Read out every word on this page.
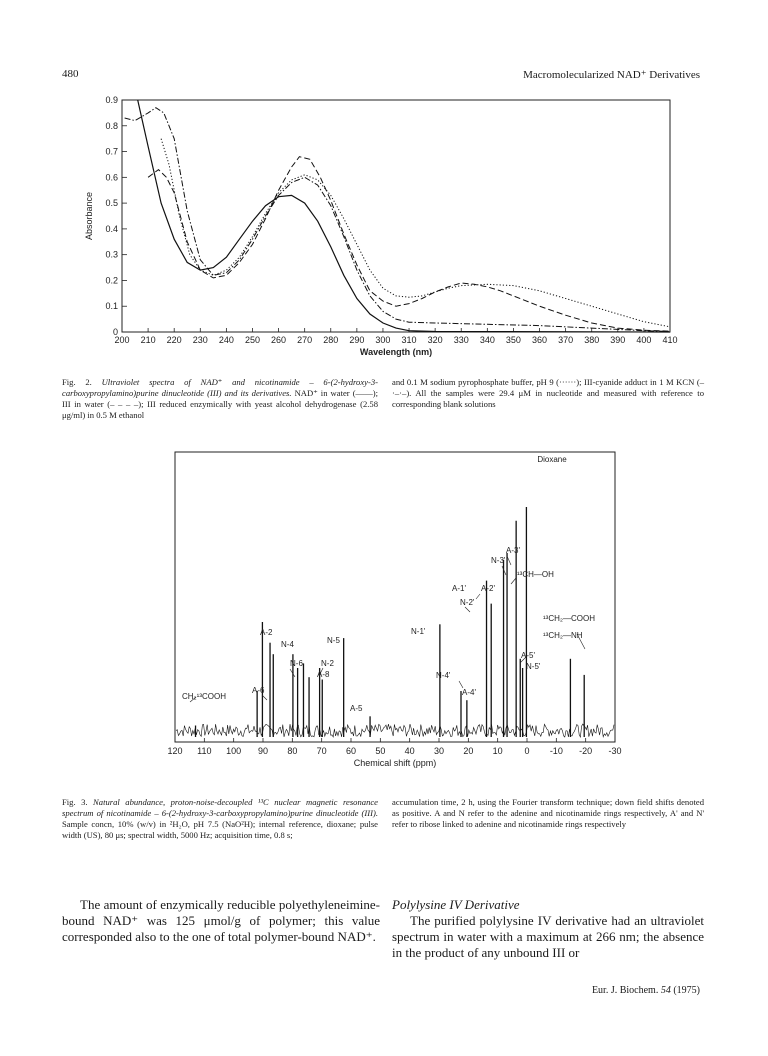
480	Macromolecularized NAD⁺ Derivatives
200 210 220 230 240 250 260 270 280 290 300 310 320 330 340 350 360 370 380 390 400 410
0
0.1
0.2
0.3
0.4
0.5
0.6
0.7
0.8
0.9
Wavelength (nm)
Absorbance
Fig. 2. Ultraviolet spectra of NAD⁺ and nicotinamide – 6-(2-hydroxy-3-carboxypropylamino)purine dinucleotide (III) and its derivatives. NAD⁺ in water (——); III in water (– – – –); III reduced enzymically with yeast alcohol dehydrogenase (2.58 μg/ml) in 0.5 M ethanol
and 0.1 M sodium pyrophosphate buffer, pH 9 (······); III-cyanide adduct in 1 M KCN (–·–·–). All the samples were 29.4 μM in nucleotide and measured with reference to corresponding blank solutions
120 110 100 90 80 70 60 50 40 30 20 10 0 -10 -20 -30
Chemical shift (ppm)
Dioxane
A-3'
N-3'
¹³CH—OH
A-1' A-2'
N-2'
¹³CH₂—COOH
¹³CH₂—NH
A-2
N-4	N-5
N-1'
A-5'
N-5'
N-6 N-2
A-8	N-4'
A-4'
CH₂¹³COOH
A-6
A-5
Fig. 3. Natural abundance, proton-noise-decoupled ¹³C nuclear magnetic resonance spectrum of nicotinamide – 6-(2-hydroxy-3-carboxypropylamino)purine dinucleotide (III). Sample concn, 10% (w/v) in ²H₂O, pH 7.5 (NaO²H); internal reference, dioxane; pulse width (US), 80 μs; spectral width, 5000 Hz; acquisition time, 0.8 s;
accumulation time, 2 h, using the Fourier transform technique; down field shifts denoted as positive. A and N refer to the adenine and nicotinamide rings respectively, A' and N' refer to ribose linked to adenine and nicotinamide rings respectively
The amount of enzymically reducible polyethyleneimine-bound NAD⁺ was 125 μmol/g of polymer; this value corresponded also to the one of total polymer-bound NAD⁺.
Polylysine IV Derivative
The purified polylysine IV derivative had an ultraviolet spectrum in water with a maximum at 266 nm; the absence in the product of any unbound III or
Eur. J. Biochem. 54 (1975)
